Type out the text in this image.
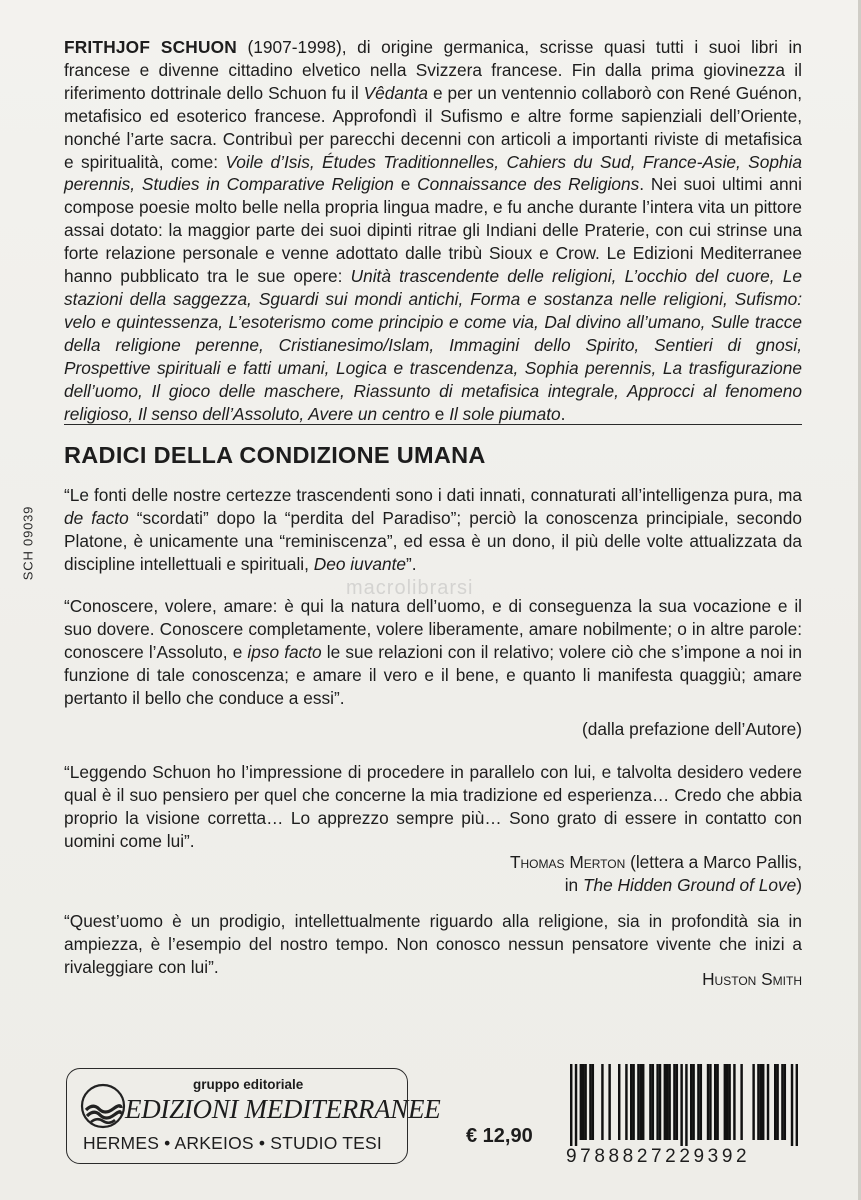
FRITHJOF SCHUON (1907-1998), di origine germanica, scrisse quasi tutti i suoi libri in francese e divenne cittadino elvetico nella Svizzera francese. Fin dalla prima giovinezza il riferimento dottrinale dello Schuon fu il Vêdanta e per un ventennio collaborò con René Guénon, metafisico ed esoterico francese. Approfondì il Sufismo e altre forme sapienziali dell’Oriente, nonché l’arte sacra. Contribuì per parecchi decenni con articoli a importanti riviste di metafisica e spiritualità, come: Voile d’Isis, Études Traditionnelles, Cahiers du Sud, France-Asie, Sophia perennis, Studies in Comparative Religion e Connaissance des Religions. Nei suoi ultimi anni compose poesie molto belle nella propria lingua madre, e fu anche durante l’intera vita un pittore assai dotato: la maggior parte dei suoi dipinti ritrae gli Indiani delle Praterie, con cui strinse una forte relazione personale e venne adottato dalle tribù Sioux e Crow. Le Edizioni Mediterranee hanno pubblicato tra le sue opere: Unità trascendente delle religioni, L’occhio del cuore, Le stazioni della saggezza, Sguardi sui mondi antichi, Forma e sostanza nelle religioni, Sufismo: velo e quintessenza, L’esoterismo come principio e come via, Dal divino all’umano, Sulle tracce della religione perenne, Cristianesimo/Islam, Immagini dello Spirito, Sentieri di gnosi, Prospettive spirituali e fatti umani, Logica e trascendenza, Sophia perennis, La trasfigurazione dell’uomo, Il gioco delle maschere, Riassunto di metafisica integrale, Approcci al fenomeno religioso, Il senso dell’Assoluto, Avere un centro e Il sole piumato.

RADICI DELLA CONDIZIONE UMANA
SCH 09039
macrolibrarsi

“Le fonti delle nostre certezze trascendenti sono i dati innati, connaturati all’intelligenza pura, ma de facto “scordati” dopo la “perdita del Paradiso”; perciò la conoscenza principiale, secondo Platone, è unicamente una “reminiscenza”, ed essa è un dono, il più delle volte attualizzata da discipline intellettuali e spirituali, Deo iuvante”.

“Conoscere, volere, amare: è qui la natura dell’uomo, e di conseguenza la sua vocazione e il suo dovere. Conoscere completamente, volere liberamente, amare nobilmente; o in altre parole: conoscere l’Assoluto, e ipso facto le sue relazioni con il relativo; volere ciò che s’impone a noi in funzione di tale conoscenza; e amare il vero e il bene, e quanto li manifesta quaggiù; amare pertanto il bello che conduce a essi”.

(dalla prefazione dell’Autore)

“Leggendo Schuon ho l’impressione di procedere in parallelo con lui, e talvolta desidero vedere qual è il suo pensiero per quel che concerne la mia tradizione ed esperienza… Credo che abbia proprio la visione corretta… Lo apprezzo sempre più… Sono grato di essere in contatto con uomini come lui”.

Thomas Merton (lettera a Marco Pallis,
in The Hidden Ground of Love)

“Quest’uomo è un prodigio, intellettualmente riguardo alla religione, sia in profondità sia in ampiezza, è l’esempio del nostro tempo. Non conosco nessun pensatore vivente che inizi a rivaleggiare con lui”.

Huston Smith

gruppo editoriale
EDIZIONI MEDITERRANEE
HERMES • ARKEIOS • STUDIO TESI	€ 12,90
9788827229392
